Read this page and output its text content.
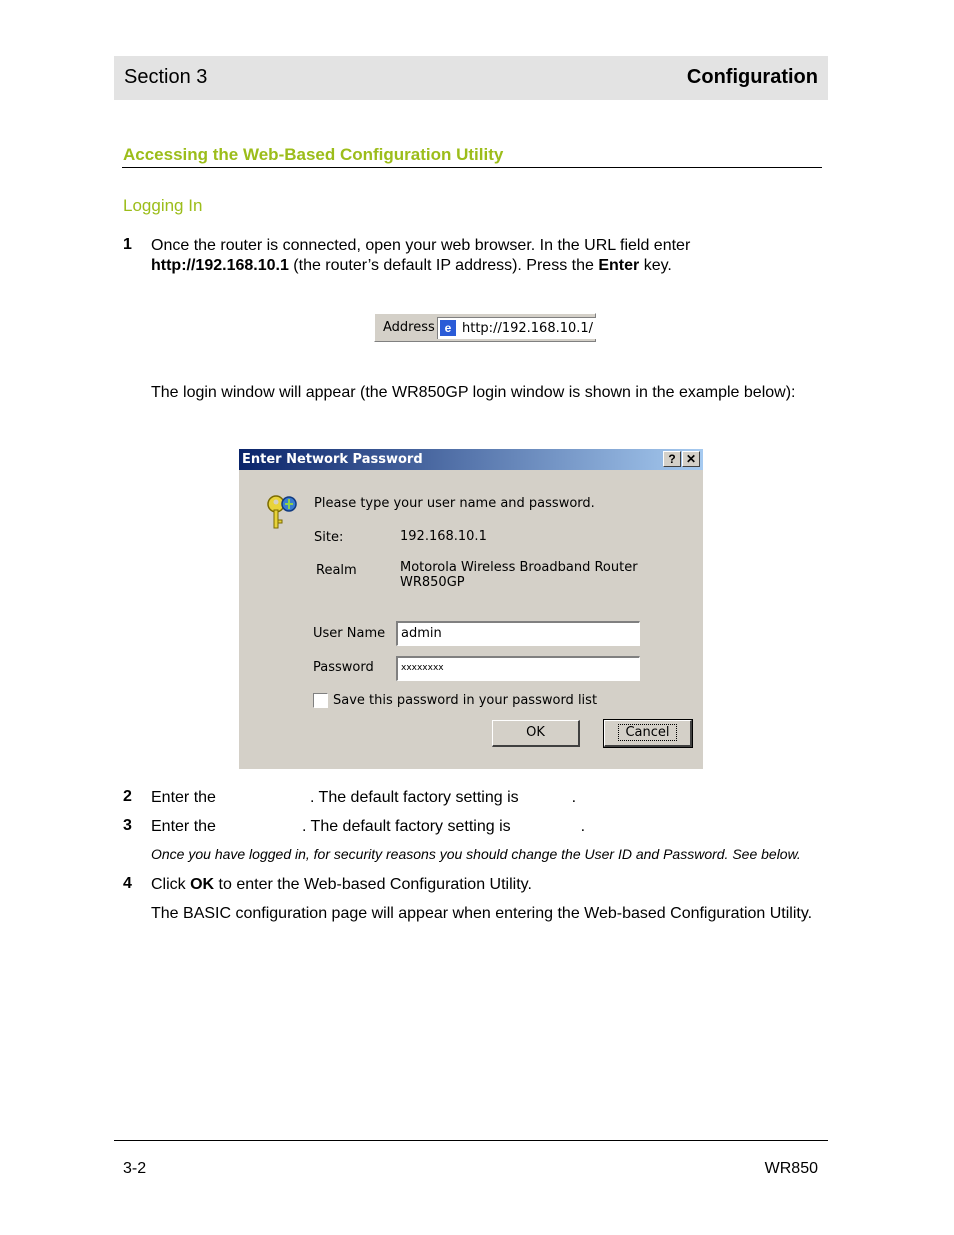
Section 3	Configuration
Accessing the Web-Based Configuration Utility
Logging In
1 Once the router is connected, open your web browser. In the URL field enter
http://192.168.10.1 (the router’s default IP address). Press the Enter key.
Address e http://192.168.10.1/
The login window will appear (the WR850GP login window is shown in the example below):
Enter Network Password	? ✕
Please type your user name and password.
Site:	192.168.10.1
Realm	Motorola Wireless Broadband Router
WR850GP
User Name	admin
Password	xxxxxxxx
Save this password in your password list
OK	Cancel
2 Enter the	. The default factory setting is	.
3 Enter the	. The default factory setting is	.
Once you have logged in, for security reasons you should change the User ID and Password. See below.
4 Click OK to enter the Web-based Configuration Utility.
The BASIC configuration page will appear when entering the Web-based Configuration Utility.
3-2	WR850
